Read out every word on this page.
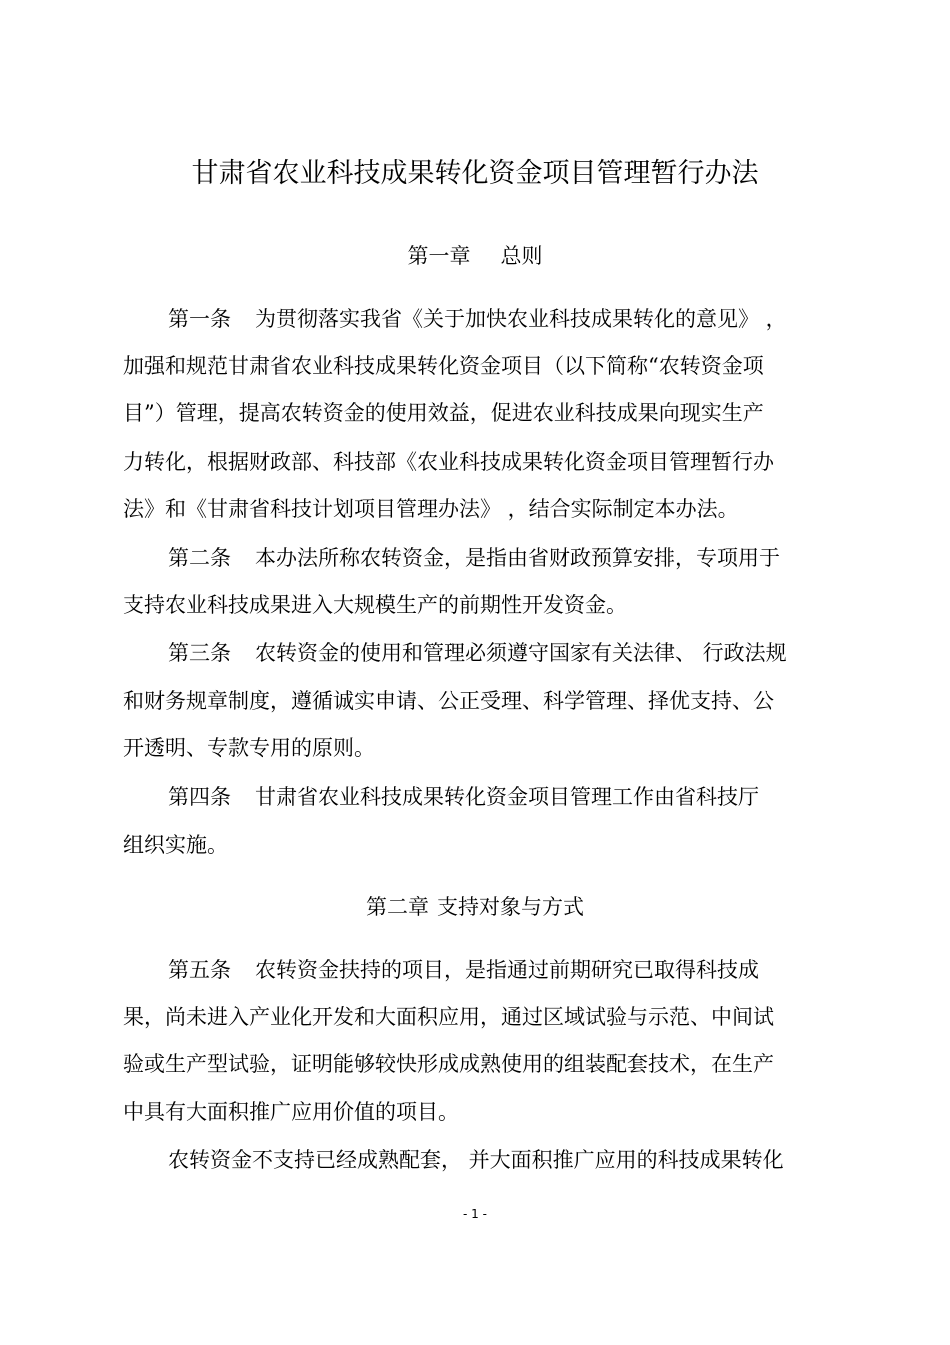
甘肃省农业科技成果转化资金项目管理暂行办法
第一章 总则
第一条 为贯彻落实我省《关于加快农业科技成果转化的意见》 ，
加强和规范甘肃省农业科技成果转化资金项目（以下简称“农转资金项
目”）管理，提高农转资金的使用效益，促进农业科技成果向现实生产
力转化，根据财政部、科技部《农业科技成果转化资金项目管理暂行办
法》和《甘肃省科技计划项目管理办法》 ，结合实际制定本办法。
第二条 本办法所称农转资金，是指由省财政预算安排，专项用于
支持农业科技成果进入大规模生产的前期性开发资金。
第三条 农转资金的使用和管理必须遵守国家有关法律、 行政法规
和财务规章制度，遵循诚实申请、公正受理、科学管理、择优支持、公
开透明、专款专用的原则。
第四条 甘肃省农业科技成果转化资金项目管理工作由省科技厅
组织实施。
第二章 支持对象与方式
第五条 农转资金扶持的项目，是指通过前期研究已取得科技成
果，尚未进入产业化开发和大面积应用，通过区域试验与示范、中间试
验或生产型试验，证明能够较快形成成熟使用的组装配套技术，在生产
中具有大面积推广应用价值的项目。
农转资金不支持已经成熟配套， 并大面积推广应用的科技成果转化
- 1 -
